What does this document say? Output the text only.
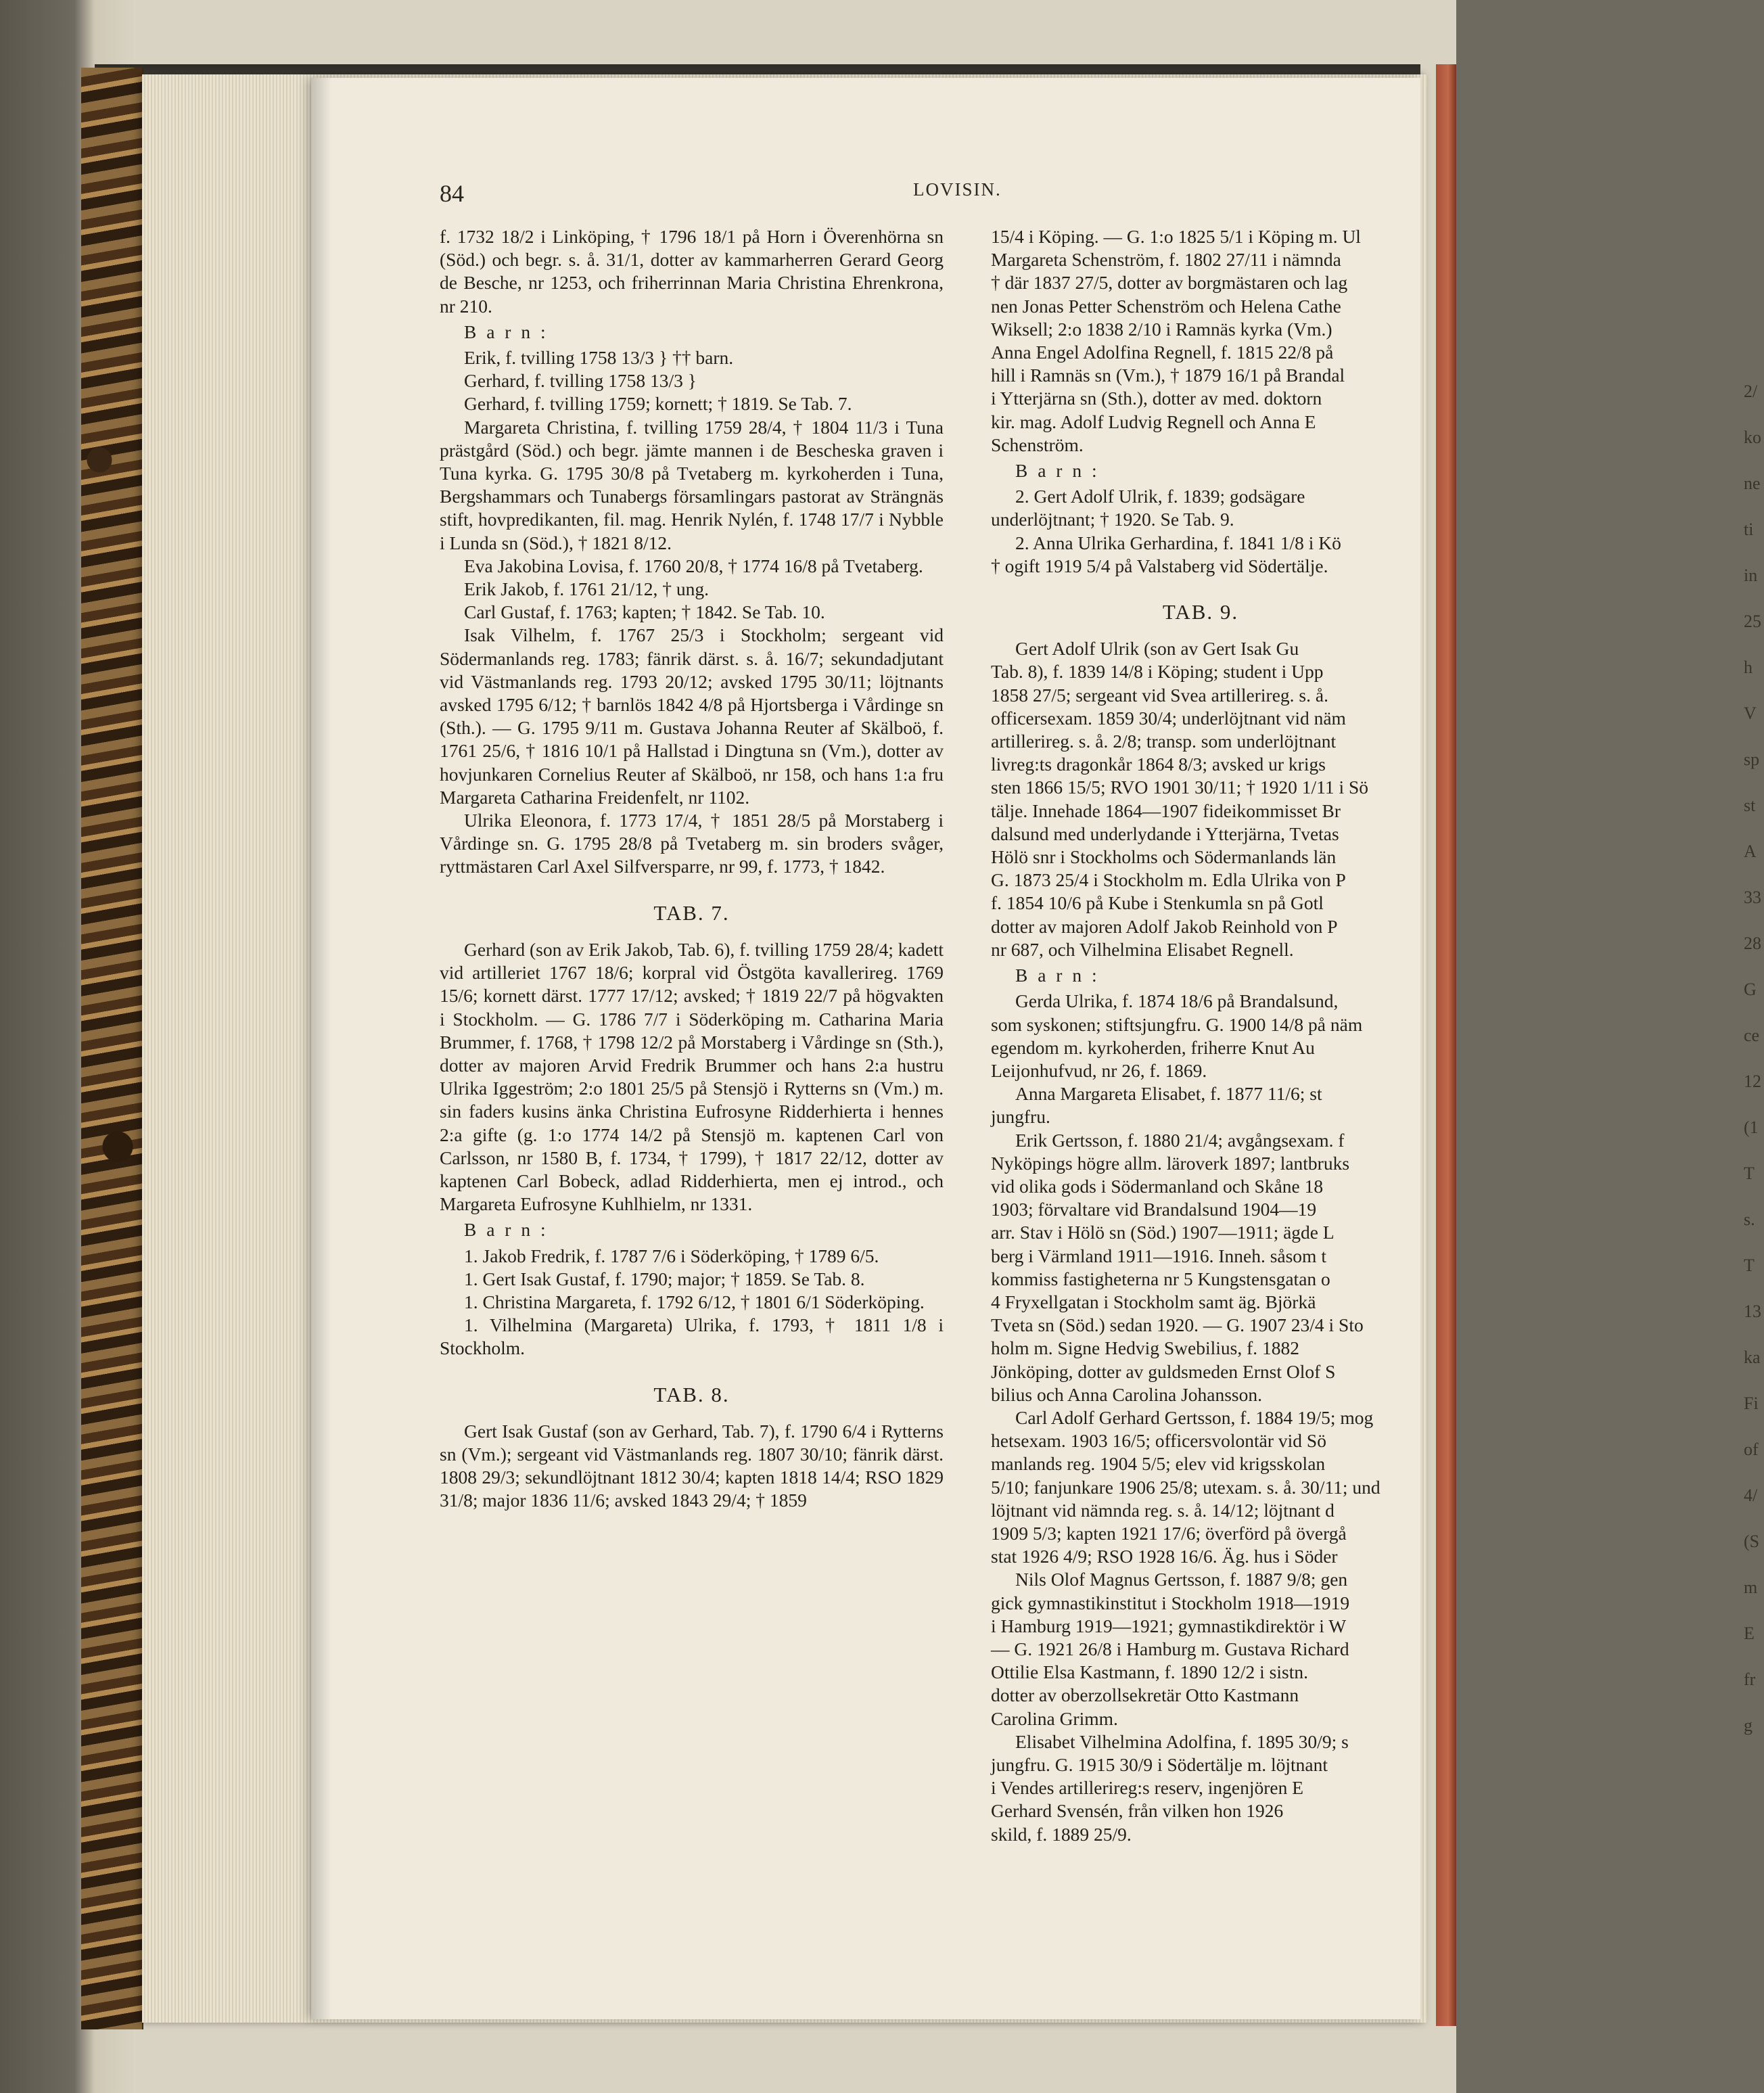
84	LOVISIN.
f. 1732 18/2 i Linköping, † 1796 18/1 på Horn i Överenhörna sn (Söd.) och begr. s. å. 31/1, dotter av kammarherren Gerard Georg de Besche, nr 1253, och friherrinnan Maria Christina Ehrenkrona, nr 210.
B a r n :
Erik, f. tvilling 1758 13/3 } †† barn.
Gerhard, f. tvilling 1758 13/3 }
Gerhard, f. tvilling 1759; kornett; † 1819. Se Tab. 7.
Margareta Christina, f. tvilling 1759 28/4, † 1804 11/3 i Tuna prästgård (Söd.) och begr. jämte mannen i de Bescheska graven i Tuna kyrka. G. 1795 30/8 på Tvetaberg m. kyrkoherden i Tuna, Bergshammars och Tunabergs församlingars pastorat av Strängnäs stift, hovpredikanten, fil. mag. Henrik Nylén, f. 1748 17/7 i Nybble i Lunda sn (Söd.), † 1821 8/12.
Eva Jakobina Lovisa, f. 1760 20/8, † 1774 16/8 på Tvetaberg.
Erik Jakob, f. 1761 21/12, † ung.
Carl Gustaf, f. 1763; kapten; † 1842. Se Tab. 10.
Isak Vilhelm, f. 1767 25/3 i Stockholm; sergeant vid Södermanlands reg. 1783; fänrik därst. s. å. 16/7; sekundadjutant vid Västmanlands reg. 1793 20/12; avsked 1795 30/11; löjtnants avsked 1795 6/12; † barnlös 1842 4/8 på Hjortsberga i Vårdinge sn (Sth.). — G. 1795 9/11 m. Gustava Johanna Reuter af Skälboö, f. 1761 25/6, † 1816 10/1 på Hallstad i Dingtuna sn (Vm.), dotter av hovjunkaren Cornelius Reuter af Skälboö, nr 158, och hans 1:a fru Margareta Catharina Freidenfelt, nr 1102.
Ulrika Eleonora, f. 1773 17/4, † 1851 28/5 på Morstaberg i Vårdinge sn. G. 1795 28/8 på Tvetaberg m. sin broders svåger, ryttmästaren Carl Axel Silfversparre, nr 99, f. 1773, † 1842.
TAB. 7.
Gerhard (son av Erik Jakob, Tab. 6), f. tvilling 1759 28/4; kadett vid artilleriet 1767 18/6; korpral vid Östgöta kavallerireg. 1769 15/6; kornett därst. 1777 17/12; avsked; † 1819 22/7 på högvakten i Stockholm. — G. 1786 7/7 i Söderköping m. Catharina Maria Brummer, f. 1768, † 1798 12/2 på Morstaberg i Vårdinge sn (Sth.), dotter av majoren Arvid Fredrik Brummer och hans 2:a hustru Ulrika Iggeström; 2:o 1801 25/5 på Stensjö i Rytterns sn (Vm.) m. sin faders kusins änka Christina Eufrosyne Ridderhierta i hennes 2:a gifte (g. 1:o 1774 14/2 på Stensjö m. kaptenen Carl von Carlsson, nr 1580 B, f. 1734, † 1799), † 1817 22/12, dotter av kaptenen Carl Bobeck, adlad Ridderhierta, men ej introd., och Margareta Eufrosyne Kuhlhielm, nr 1331.
B a r n :
1. Jakob Fredrik, f. 1787 7/6 i Söderköping, † 1789 6/5.
1. Gert Isak Gustaf, f. 1790; major; † 1859. Se Tab. 8.
1. Christina Margareta, f. 1792 6/12, † 1801 6/1 Söderköping.
1. Vilhelmina (Margareta) Ulrika, f. 1793, † 1811 1/8 i Stockholm.
TAB. 8.
Gert Isak Gustaf (son av Gerhard, Tab. 7), f. 1790 6/4 i Rytterns sn (Vm.); sergeant vid Västmanlands reg. 1807 30/10; fänrik därst. 1808 29/3; sekundlöjtnant 1812 30/4; kapten 1818 14/4; RSO 1829 31/8; major 1836 11/6; avsked 1843 29/4; † 1859
15/4 i Köping. — G. 1:o 1825 5/1 i Köping m. Ul
Margareta Schenström, f. 1802 27/11 i nämnda
† där 1837 27/5, dotter av borgmästaren och lag
nen Jonas Petter Schenström och Helena Cathe
Wiksell; 2:o 1838 2/10 i Ramnäs kyrka (Vm.)
Anna Engel Adolfina Regnell, f. 1815 22/8 på
hill i Ramnäs sn (Vm.), † 1879 16/1 på Brandal
i Ytterjärna sn (Sth.), dotter av med. doktorn
kir. mag. Adolf Ludvig Regnell och Anna E
Schenström.
B a r n :
2. Gert Adolf Ulrik, f. 1839; godsägare
underlöjtnant; † 1920. Se Tab. 9.
2. Anna Ulrika Gerhardina, f. 1841 1/8 i Kö
† ogift 1919 5/4 på Valstaberg vid Södertälje.
TAB. 9.
Gert Adolf Ulrik (son av Gert Isak Gu
Tab. 8), f. 1839 14/8 i Köping; student i Upp
1858 27/5; sergeant vid Svea artillerireg. s. å.
officersexam. 1859 30/4; underlöjtnant vid näm
artillerireg. s. å. 2/8; transp. som underlöjtnant
livreg:ts dragonkår 1864 8/3; avsked ur krigs
sten 1866 15/5; RVO 1901 30/11; † 1920 1/11 i Sö
tälje. Innehade 1864—1907 fideikommisset Br
dalsund med underlydande i Ytterjärna, Tvetas
Hölö snr i Stockholms och Södermanlands län
G. 1873 25/4 i Stockholm m. Edla Ulrika von P
f. 1854 10/6 på Kube i Stenkumla sn på Gotl
dotter av majoren Adolf Jakob Reinhold von P
nr 687, och Vilhelmina Elisabet Regnell.
B a r n :
Gerda Ulrika, f. 1874 18/6 på Brandalsund,
som syskonen; stiftsjungfru. G. 1900 14/8 på näm
egendom m. kyrkoherden, friherre Knut Au
Leijonhufvud, nr 26, f. 1869.
Anna Margareta Elisabet, f. 1877 11/6; st
jungfru.
Erik Gertsson, f. 1880 21/4; avgångsexam. f
Nyköpings högre allm. läroverk 1897; lantbruks
vid olika gods i Södermanland och Skåne 18
1903; förvaltare vid Brandalsund 1904—19
arr. Stav i Hölö sn (Söd.) 1907—1911; ägde L
berg i Värmland 1911—1916. Inneh. såsom t
kommiss fastigheterna nr 5 Kungstensgatan o
4 Fryxellgatan i Stockholm samt äg. Björkä
Tveta sn (Söd.) sedan 1920. — G. 1907 23/4 i Sto
holm m. Signe Hedvig Swebilius, f. 1882
Jönköping, dotter av guldsmeden Ernst Olof S
bilius och Anna Carolina Johansson.
Carl Adolf Gerhard Gertsson, f. 1884 19/5; mog
hetsexam. 1903 16/5; officersvolontär vid Sö
manlands reg. 1904 5/5; elev vid krigsskolan
5/10; fanjunkare 1906 25/8; utexam. s. å. 30/11; und
löjtnant vid nämnda reg. s. å. 14/12; löjtnant d
1909 5/3; kapten 1921 17/6; överförd på övergå
stat 1926 4/9; RSO 1928 16/6. Äg. hus i Söder
Nils Olof Magnus Gertsson, f. 1887 9/8; gen
gick gymnastikinstitut i Stockholm 1918—1919
i Hamburg 1919—1921; gymnastikdirektör i W
— G. 1921 26/8 i Hamburg m. Gustava Richard
Ottilie Elsa Kastmann, f. 1890 12/2 i sistn.
dotter av oberzollsekretär Otto Kastmann
Carolina Grimm.
Elisabet Vilhelmina Adolfina, f. 1895 30/9; s
jungfru. G. 1915 30/9 i Södertälje m. löjtnant
i Vendes artillerireg:s reserv, ingenjören E
Gerhard Svensén, från vilken hon 1926
skild, f. 1889 25/9.
2/
ko
ne
ti
in
25
h
V
sp
st
A
33
28
G
ce
12
(1
T
s.
T
13
ka
Fi
of
4/
(S
m
E
fr
g
